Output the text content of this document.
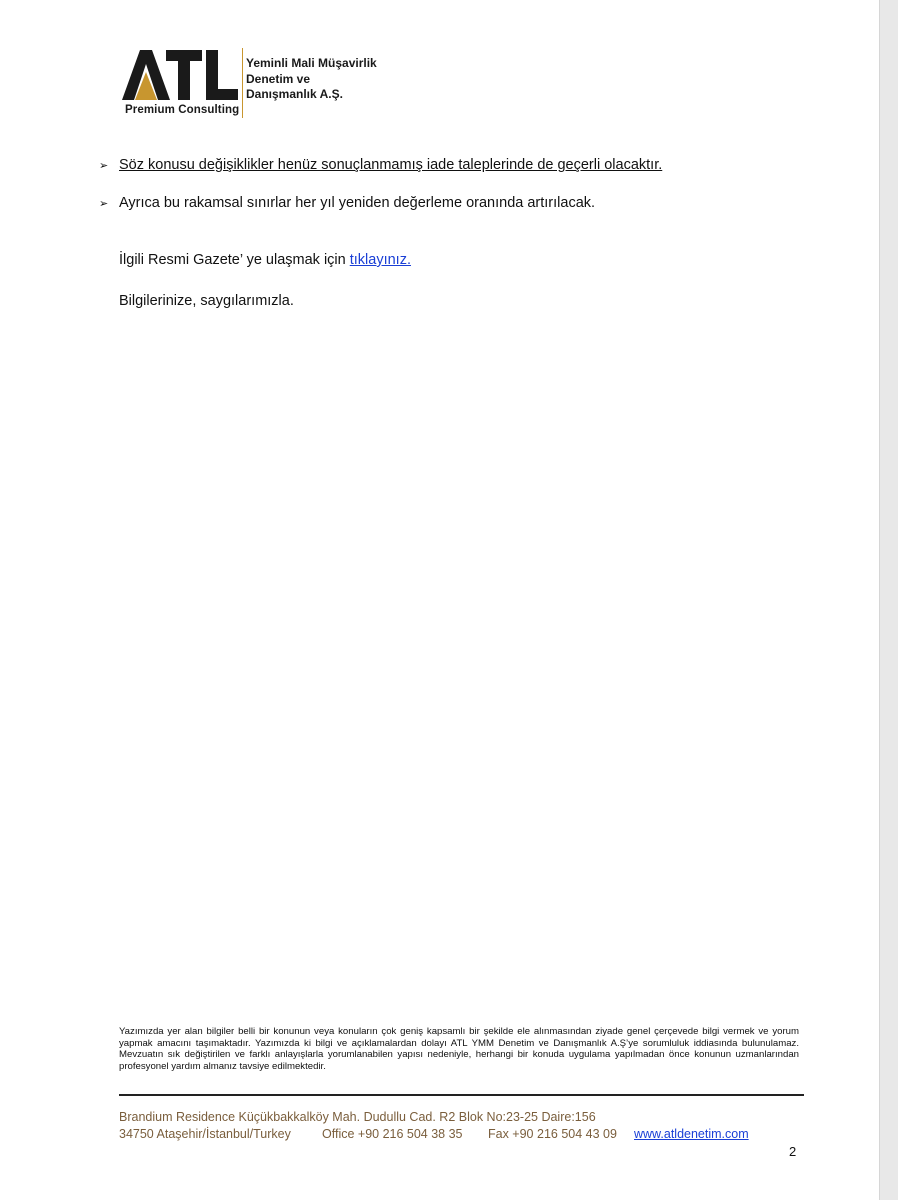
Premium Consulting
Yeminli Mali Müşavirlik
Denetim ve
Danışmanlık A.Ş.
➢ Söz konusu değişiklikler henüz sonuçlanmamış iade taleplerinde de geçerli olacaktır.
➢ Ayrıca bu rakamsal sınırlar her yıl yeniden değerleme oranında artırılacak.
İlgili Resmi Gazete’ ye ulaşmak için tıklayınız.
Bilgilerinize, saygılarımızla.
Yazımızda yer alan bilgiler belli bir konunun veya konuların çok geniş kapsamlı bir şekilde ele alınmasından ziyade genel çerçevede bilgi vermek ve yorum yapmak amacını taşımaktadır. Yazımızda ki bilgi ve açıklamalardan dolayı ATL YMM Denetim ve Danışmanlık A.Ş’ye sorumluluk iddiasında bulunulamaz. Mevzuatın sık değiştirilen ve farklı anlayışlarla yorumlanabilen yapısı nedeniyle, herhangi bir konuda uygulama yapılmadan önce konunun uzmanlarından profesyonel yardım almanız tavsiye edilmektedir.
Brandium Residence Küçükbakkalköy Mah. Dudullu Cad. R2 Blok No:23-25 Daire:156
34750 Ataşehir/İstanbul/Turkey Office +90 216 504 38 35 Fax +90 216 504 43 09 www.atldenetim.com
2
